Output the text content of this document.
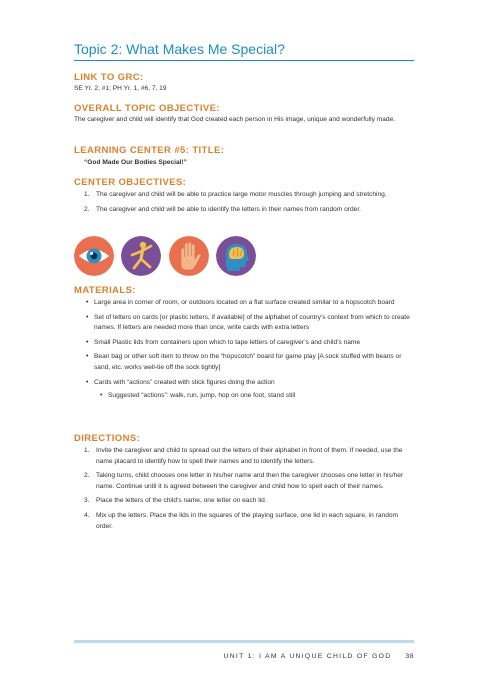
Topic 2: What Makes Me Special?
LINK TO GRC:
SE Yr. 2, #1; PH Yr. 1, #6, 7, 19
OVERALL TOPIC OBJECTIVE:
The caregiver and child will identify that God created each person in His image, unique and wonderfully made.
LEARNING CENTER #5: TITLE:
“God Made Our Bodies Special!”
CENTER OBJECTIVES:
1. The caregiver and child will be able to practice large motor muscles through jumping and stretching.
2. The caregiver and child will be able to identify the letters in their names from random order.
MATERIALS:
• Large area in corner of room, or outdoors located on a flat surface created similar to a hopscotch board
• Set of letters on cards [or plastic letters, if available] of the alphabet of country’s context from which to create names. If letters are needed more than once, write cards with extra letters
• Small Plastic lids from containers upon which to tape letters of caregiver’s and child’s name
• Bean bag or other soft item to throw on the “hopscotch” board for game play [A sock stuffed with beans or sand, etc. works well-tie off the sock tightly]
• Cards with “actions” created with stick figures doing the action
• Suggested “actions”: walk, run, jump, hop on one foot, stand still
DIRECTIONS:
1. Invite the caregiver and child to spread out the letters of their alphabet in front of them. If needed, use the name placard to identify how to spell their names and to identify the letters.
2. Taking turns, child chooses one letter in his/her name and then the caregiver chooses one letter in his/her name. Continue until it is agreed between the caregiver and child how to spell each of their names.
3. Place the letters of the child’s name, one letter on each lid.
4. Mix up the letters. Place the lids in the squares of the playing surface, one lid in each square, in random order.
UNIT 1: I AM A UNIQUE CHILD OF GOD 38
